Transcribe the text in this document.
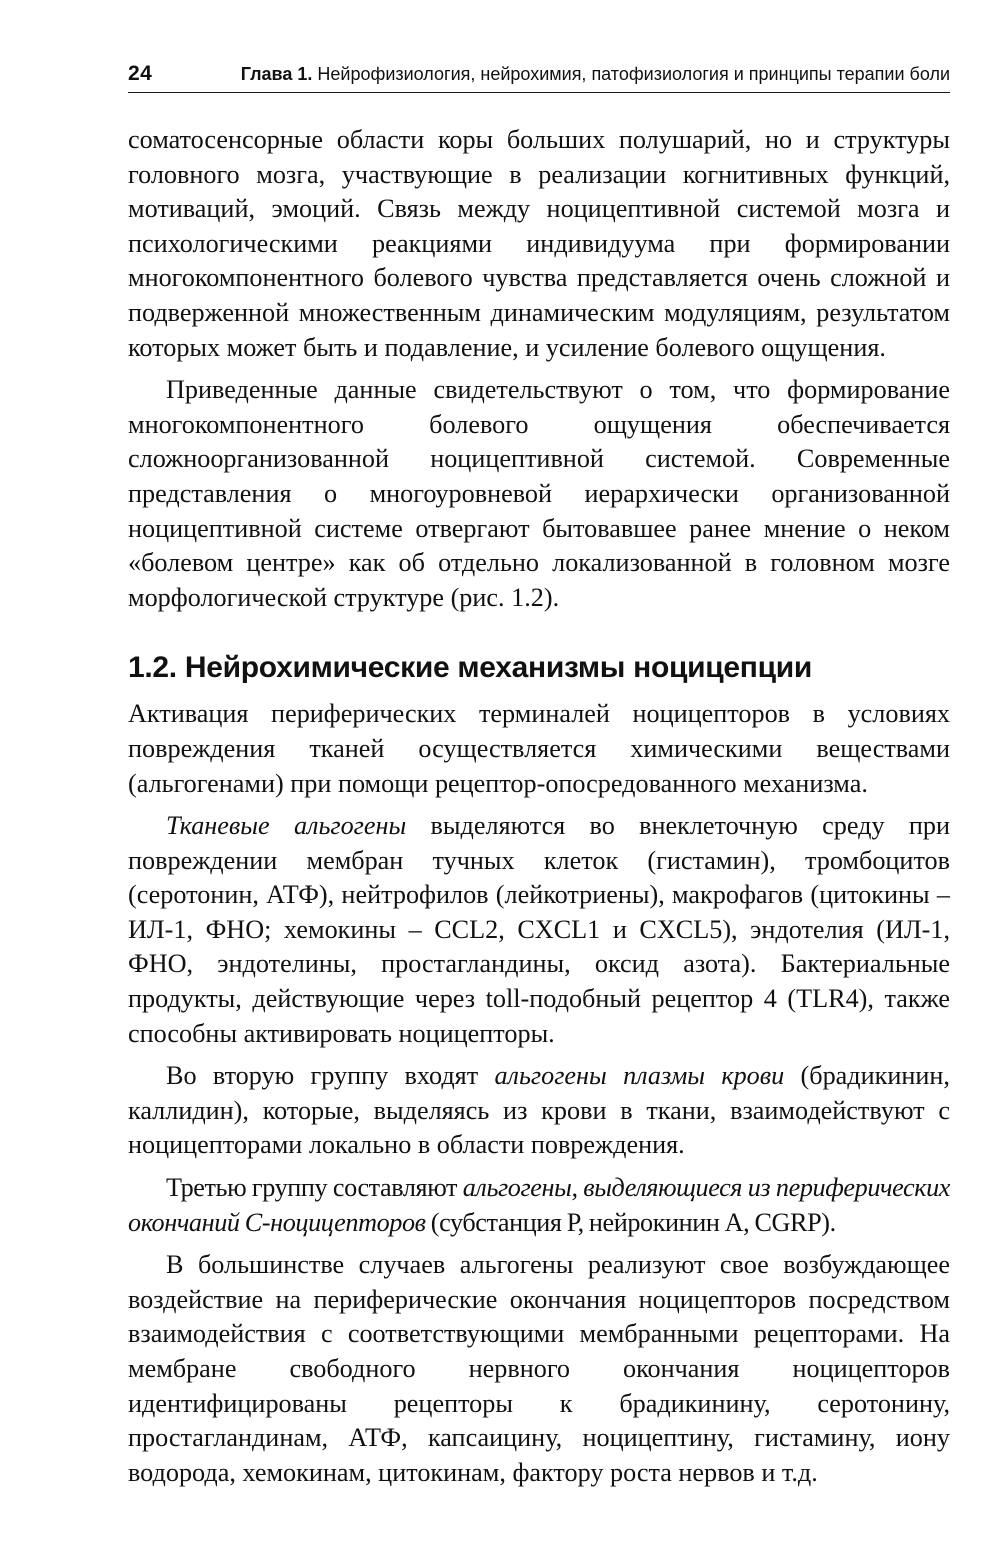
24	Глава 1. Нейрофизиология, нейрохимия, патофизиология и принципы терапии боли

соматосенсорные области коры больших полушарий, но и структуры головного мозга, участвующие в реализации когнитивных функций, мотиваций, эмоций. Связь между ноцицептивной системой мозга и психологическими реакциями индивидуума при формировании многокомпонентного болевого чувства представляется очень сложной и подверженной множественным динамическим модуляциям, результатом которых может быть и подавление, и усиление болевого ощущения.

Приведенные данные свидетельствуют о том, что формирование многокомпонентного болевого ощущения обеспечивается сложноорганизованной ноцицептивной системой. Современные представления о многоуровневой иерархически организованной ноцицептивной системе отвергают бытовавшее ранее мнение о неком «болевом центре» как об отдельно локализованной в головном мозге морфологической структуре (рис. 1.2).

1.2. Нейрохимические механизмы ноцицепции

Активация периферических терминалей ноцицепторов в условиях повреждения тканей осуществляется химическими веществами (альгогенами) при помощи рецептор-опосредованного механизма.

Тканевые альгогены выделяются во внеклеточную среду при повреждении мембран тучных клеток (гистамин), тромбоцитов (серотонин, АТФ), нейтрофилов (лейкотриены), макрофагов (цитокины – ИЛ-1, ФНО; хемокины – CCL2, CXCL1 и CXCL5), эндотелия (ИЛ-1, ФНО, эндотелины, простагландины, оксид азота). Бактериальные продукты, действующие через toll-подобный рецептор 4 (TLR4), также способны активировать ноцицепторы.

Во вторую группу входят альгогены плазмы крови (брадикинин, каллидин), которые, выделяясь из крови в ткани, взаимодействуют с ноцицепторами локально в области повреждения.

Третью группу составляют альгогены, выделяющиеся из периферических окончаний С-ноцицепторов (субстанция Р, нейрокинин А, CGRP).

В большинстве случаев альгогены реализуют свое возбуждающее воздействие на периферические окончания ноцицепторов посредством взаимодействия с соответствующими мембранными рецепторами. На мембране свободного нервного окончания ноцицепторов идентифицированы рецепторы к брадикинину, серотонину, простагландинам, АТФ, капсаицину, ноцицептину, гистамину, иону водорода, хемокинам, цитокинам, фактору роста нервов и т.д.
